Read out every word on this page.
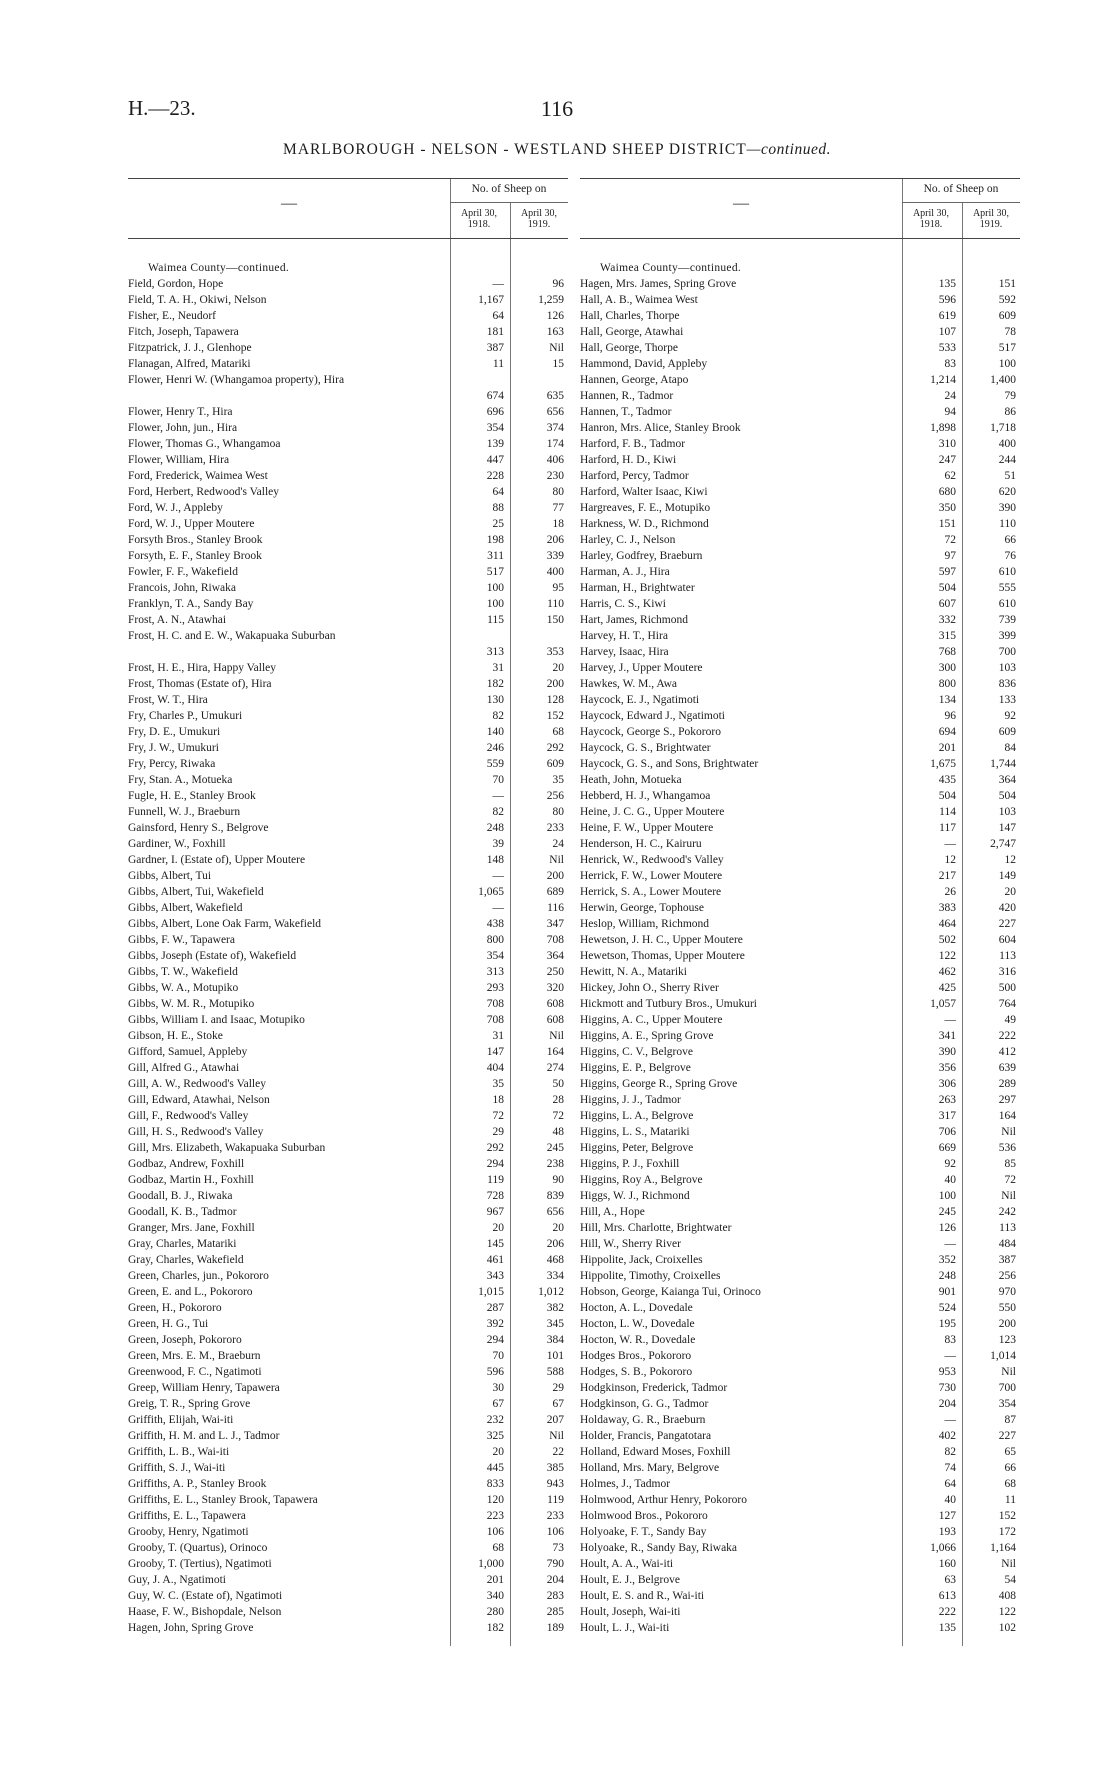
H.—23.	116
MARLBOROUGH - NELSON - WESTLAND SHEEP DISTRICT—continued.
—
No. of Sheep on
April 30, 1918.
April 30, 1919.
Waimea County—continued.
Field, Gordon, Hope	—	96
Field, T. A. H., Okiwi, Nelson	1,167	1,259
Fisher, E., Neudorf	64	126
Fitch, Joseph, Tapawera	181	163
Fitzpatrick, J. J., Glenhope	387	Nil
Flanagan, Alfred, Matariki	11	15
Flower, Henri W. (Whangamoa property), Hira
674	635
Flower, Henry T., Hira	696	656
Flower, John, jun., Hira	354	374
Flower, Thomas G., Whangamoa	139	174
Flower, William, Hira	447	406
Ford, Frederick, Waimea West	228	230
Ford, Herbert, Redwood's Valley	64	80
Ford, W. J., Appleby	88	77
Ford, W. J., Upper Moutere	25	18
Forsyth Bros., Stanley Brook	198	206
Forsyth, E. F., Stanley Brook	311	339
Fowler, F. F., Wakefield	517	400
Francois, John, Riwaka	100	95
Franklyn, T. A., Sandy Bay	100	110
Frost, A. N., Atawhai	115	150
Frost, H. C. and E. W., Wakapuaka Suburban
313	353
Frost, H. E., Hira, Happy Valley	31	20
Frost, Thomas (Estate of), Hira	182	200
Frost, W. T., Hira	130	128
Fry, Charles P., Umukuri	82	152
Fry, D. E., Umukuri	140	68
Fry, J. W., Umukuri	246	292
Fry, Percy, Riwaka	559	609
Fry, Stan. A., Motueka	70	35
Fugle, H. E., Stanley Brook	—	256
Funnell, W. J., Braeburn	82	80
Gainsford, Henry S., Belgrove	248	233
Gardiner, W., Foxhill	39	24
Gardner, I. (Estate of), Upper Moutere	148	Nil
Gibbs, Albert, Tui	—	200
Gibbs, Albert, Tui, Wakefield	1,065	689
Gibbs, Albert, Wakefield	—	116
Gibbs, Albert, Lone Oak Farm, Wakefield	438	347
Gibbs, F. W., Tapawera	800	708
Gibbs, Joseph (Estate of), Wakefield	354	364
Gibbs, T. W., Wakefield	313	250
Gibbs, W. A., Motupiko	293	320
Gibbs, W. M. R., Motupiko	708	608
Gibbs, William I. and Isaac, Motupiko	708	608
Gibson, H. E., Stoke	31	Nil
Gifford, Samuel, Appleby	147	164
Gill, Alfred G., Atawhai	404	274
Gill, A. W., Redwood's Valley	35	50
Gill, Edward, Atawhai, Nelson	18	28
Gill, F., Redwood's Valley	72	72
Gill, H. S., Redwood's Valley	29	48
Gill, Mrs. Elizabeth, Wakapuaka Suburban	292	245
Godbaz, Andrew, Foxhill	294	238
Godbaz, Martin H., Foxhill	119	90
Goodall, B. J., Riwaka	728	839
Goodall, K. B., Tadmor	967	656
Granger, Mrs. Jane, Foxhill	20	20
Gray, Charles, Matariki	145	206
Gray, Charles, Wakefield	461	468
Green, Charles, jun., Pokororo	343	334
Green, E. and L., Pokororo	1,015	1,012
Green, H., Pokororo	287	382
Green, H. G., Tui	392	345
Green, Joseph, Pokororo	294	384
Green, Mrs. E. M., Braeburn	70	101
Greenwood, F. C., Ngatimoti	596	588
Greep, William Henry, Tapawera	30	29
Greig, T. R., Spring Grove	67	67
Griffith, Elijah, Wai-iti	232	207
Griffith, H. M. and L. J., Tadmor	325	Nil
Griffith, L. B., Wai-iti	20	22
Griffith, S. J., Wai-iti	445	385
Griffiths, A. P., Stanley Brook	833	943
Griffiths, E. L., Stanley Brook, Tapawera	120	119
Griffiths, E. L., Tapawera	223	233
Grooby, Henry, Ngatimoti	106	106
Grooby, T. (Quartus), Orinoco	68	73
Grooby, T. (Tertius), Ngatimoti	1,000	790
Guy, J. A., Ngatimoti	201	204
Guy, W. C. (Estate of), Ngatimoti	340	283
Haase, F. W., Bishopdale, Nelson	280	285
Hagen, John, Spring Grove	182	189
—
No. of Sheep on
April 30, 1918.
April 30, 1919.
Waimea County—continued.
Hagen, Mrs. James, Spring Grove	135	151
Hall, A. B., Waimea West	596	592
Hall, Charles, Thorpe	619	609
Hall, George, Atawhai	107	78
Hall, George, Thorpe	533	517
Hammond, David, Appleby	83	100
Hannen, George, Atapo	1,214	1,400
Hannen, R., Tadmor	24	79
Hannen, T., Tadmor	94	86
Hanron, Mrs. Alice, Stanley Brook	1,898	1,718
Harford, F. B., Tadmor	310	400
Harford, H. D., Kiwi	247	244
Harford, Percy, Tadmor	62	51
Harford, Walter Isaac, Kiwi	680	620
Hargreaves, F. E., Motupiko	350	390
Harkness, W. D., Richmond	151	110
Harley, C. J., Nelson	72	66
Harley, Godfrey, Braeburn	97	76
Harman, A. J., Hira	597	610
Harman, H., Brightwater	504	555
Harris, C. S., Kiwi	607	610
Hart, James, Richmond	332	739
Harvey, H. T., Hira	315	399
Harvey, Isaac, Hira	768	700
Harvey, J., Upper Moutere	300	103
Hawkes, W. M., Awa	800	836
Haycock, E. J., Ngatimoti	134	133
Haycock, Edward J., Ngatimoti	96	92
Haycock, George S., Pokororo	694	609
Haycock, G. S., Brightwater	201	84
Haycock, G. S., and Sons, Brightwater	1,675	1,744
Heath, John, Motueka	435	364
Hebberd, H. J., Whangamoa	504	504
Heine, J. C. G., Upper Moutere	114	103
Heine, F. W., Upper Moutere	117	147
Henderson, H. C., Kairuru	—	2,747
Henrick, W., Redwood's Valley	12	12
Herrick, F. W., Lower Moutere	217	149
Herrick, S. A., Lower Moutere	26	20
Herwin, George, Tophouse	383	420
Heslop, William, Richmond	464	227
Hewetson, J. H. C., Upper Moutere	502	604
Hewetson, Thomas, Upper Moutere	122	113
Hewitt, N. A., Matariki	462	316
Hickey, John O., Sherry River	425	500
Hickmott and Tutbury Bros., Umukuri	1,057	764
Higgins, A. C., Upper Moutere	—	49
Higgins, A. E., Spring Grove	341	222
Higgins, C. V., Belgrove	390	412
Higgins, E. P., Belgrove	356	639
Higgins, George R., Spring Grove	306	289
Higgins, J. J., Tadmor	263	297
Higgins, L. A., Belgrove	317	164
Higgins, L. S., Matariki	706	Nil
Higgins, Peter, Belgrove	669	536
Higgins, P. J., Foxhill	92	85
Higgins, Roy A., Belgrove	40	72
Higgs, W. J., Richmond	100	Nil
Hill, A., Hope	245	242
Hill, Mrs. Charlotte, Brightwater	126	113
Hill, W., Sherry River	—	484
Hippolite, Jack, Croixelles	352	387
Hippolite, Timothy, Croixelles	248	256
Hobson, George, Kaianga Tui, Orinoco	901	970
Hocton, A. L., Dovedale	524	550
Hocton, L. W., Dovedale	195	200
Hocton, W. R., Dovedale	83	123
Hodges Bros., Pokororo	—	1,014
Hodges, S. B., Pokororo	953	Nil
Hodgkinson, Frederick, Tadmor	730	700
Hodgkinson, G. G., Tadmor	204	354
Holdaway, G. R., Braeburn	—	87
Holder, Francis, Pangatotara	402	227
Holland, Edward Moses, Foxhill	82	65
Holland, Mrs. Mary, Belgrove	74	66
Holmes, J., Tadmor	64	68
Holmwood, Arthur Henry, Pokororo	40	11
Holmwood Bros., Pokororo	127	152
Holyoake, F. T., Sandy Bay	193	172
Holyoake, R., Sandy Bay, Riwaka	1,066	1,164
Hoult, A. A., Wai-iti	160	Nil
Hoult, E. J., Belgrove	63	54
Hoult, E. S. and R., Wai-iti	613	408
Hoult, Joseph, Wai-iti	222	122
Hoult, L. J., Wai-iti	135	102
